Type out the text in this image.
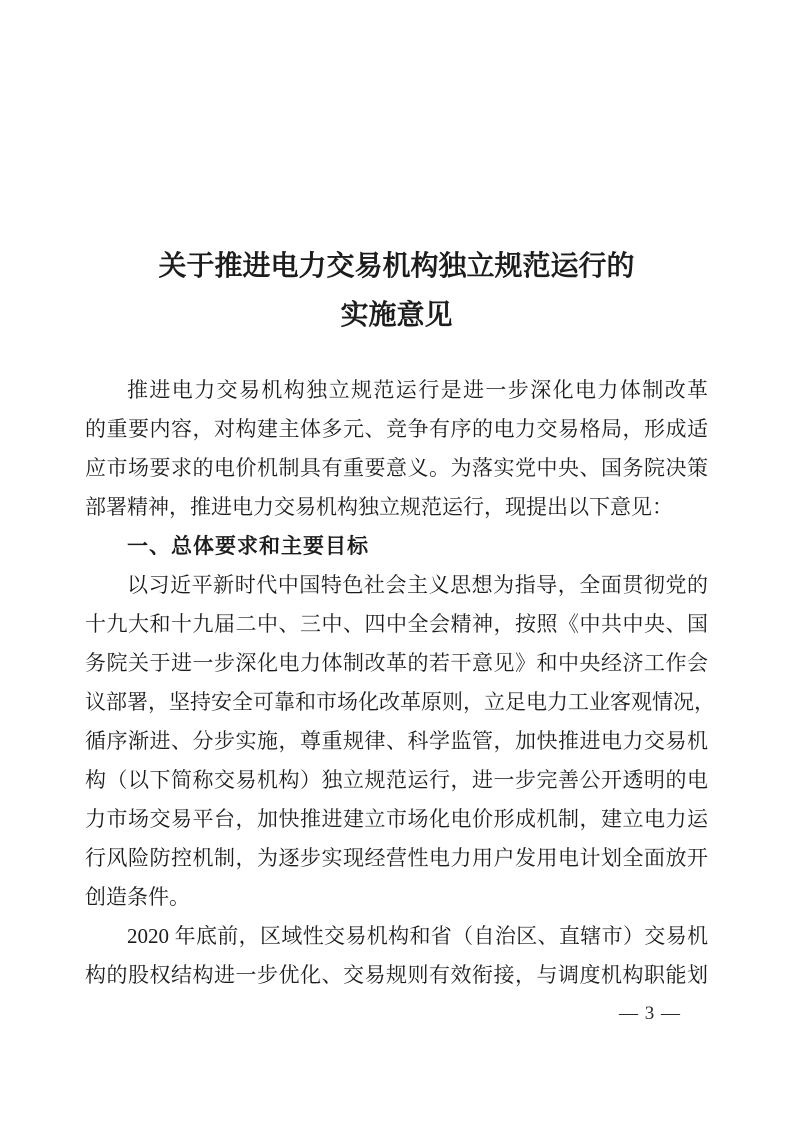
关于推进电力交易机构独立规范运行的
实施意见
推进电力交易机构独立规范运行是进一步深化电力体制改革
的重要内容，对构建主体多元、竞争有序的电力交易格局，形成适
应市场要求的电价机制具有重要意义。为落实党中央、国务院决策
部署精神，推进电力交易机构独立规范运行，现提出以下意见：
一、总体要求和主要目标
以习近平新时代中国特色社会主义思想为指导，全面贯彻党的
十九大和十九届二中、三中、四中全会精神，按照《中共中央、国
务院关于进一步深化电力体制改革的若干意见》和中央经济工作会
议部署，坚持安全可靠和市场化改革原则，立足电力工业客观情况，
循序渐进、分步实施，尊重规律、科学监管，加快推进电力交易机
构（以下简称交易机构）独立规范运行，进一步完善公开透明的电
力市场交易平台，加快推进建立市场化电价形成机制，建立电力运
行风险防控机制，为逐步实现经营性电力用户发用电计划全面放开
创造条件。
2020 年底前，区域性交易机构和省（自治区、直辖市）交易机
构的股权结构进一步优化、交易规则有效衔接，与调度机构职能划
— 3 —
